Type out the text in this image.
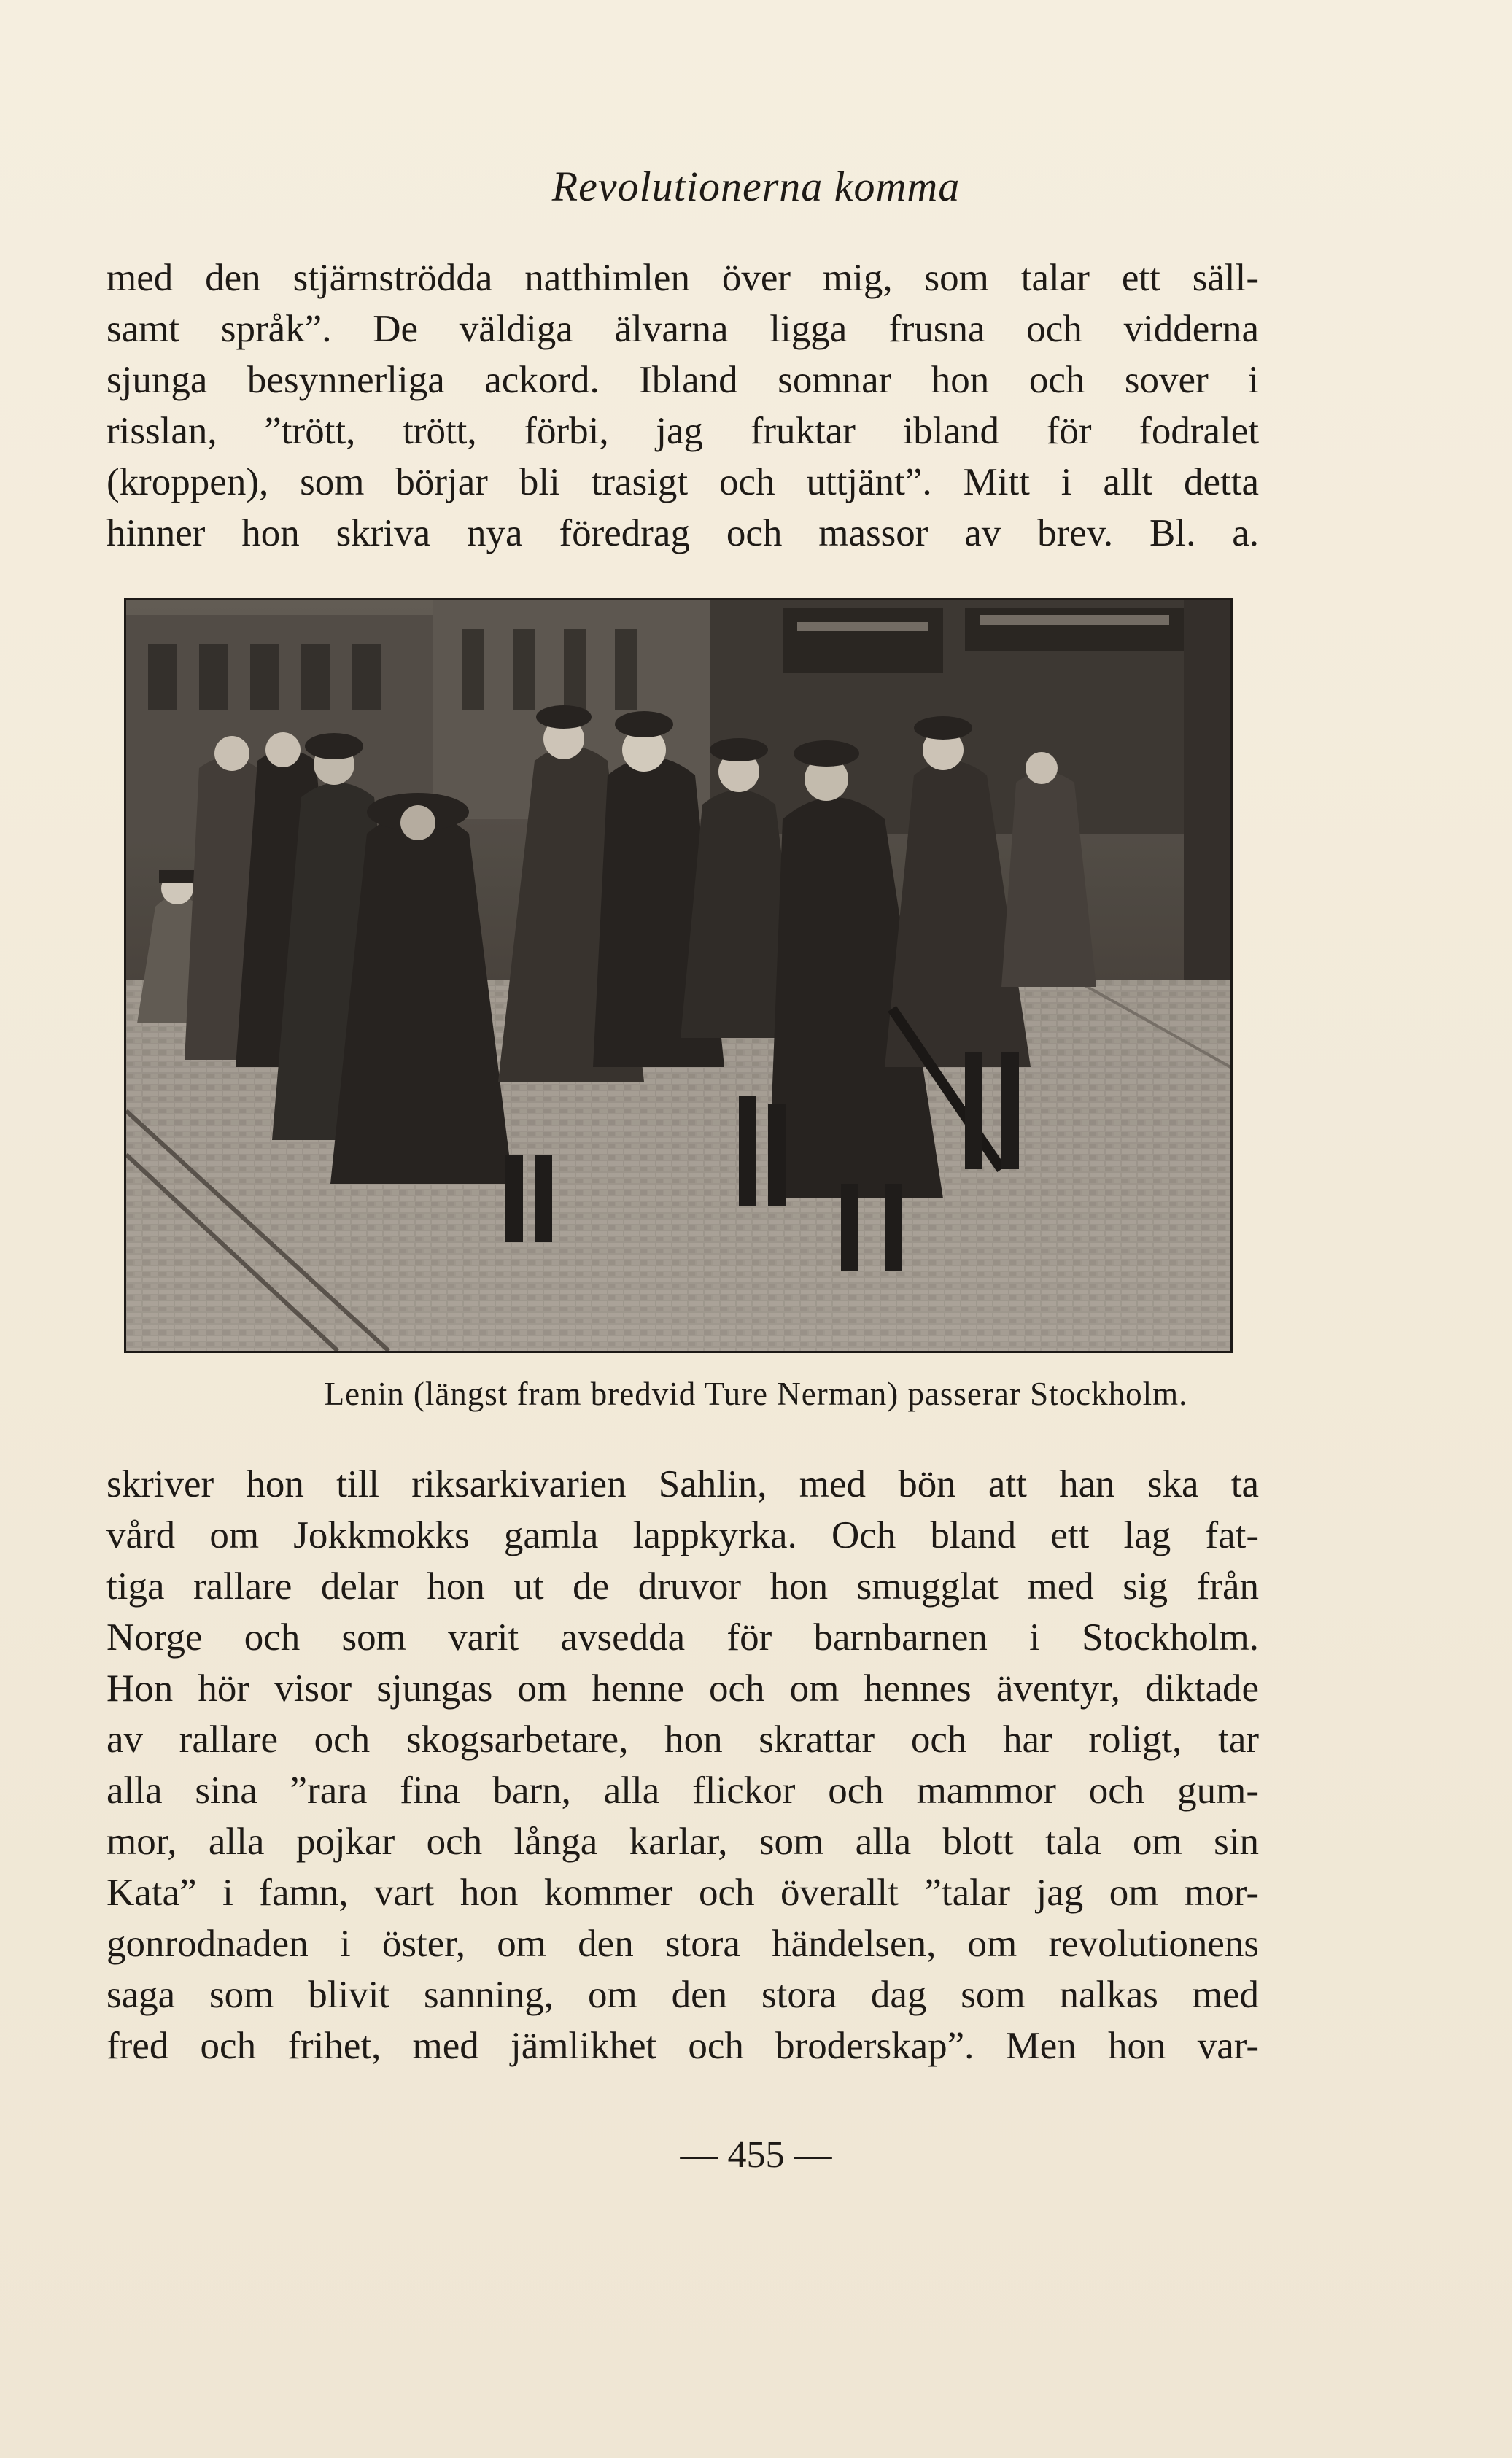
Revolutionerna komma
med den stjärnströdda natthimlen över mig, som talar ett säll-
samt språk”. De väldiga älvarna ligga frusna och vidderna
sjunga besynnerliga ackord. Ibland somnar hon och sover i
risslan, ”trött, trött, förbi, jag fruktar ibland för fodralet
(kroppen), som börjar bli trasigt och uttjänt”. Mitt i allt detta
hinner hon skriva nya föredrag och massor av brev. Bl. a.
Lenin (längst fram bredvid Ture Nerman) passerar Stockholm.
skriver hon till riksarkivarien Sahlin, med bön att han ska ta
vård om Jokkmokks gamla lappkyrka. Och bland ett lag fat-
tiga rallare delar hon ut de druvor hon smugglat med sig från
Norge och som varit avsedda för barnbarnen i Stockholm.
Hon hör visor sjungas om henne och om hennes äventyr, diktade
av rallare och skogsarbetare, hon skrattar och har roligt, tar
alla sina ”rara fina barn, alla flickor och mammor och gum-
mor, alla pojkar och långa karlar, som alla blott tala om sin
Kata” i famn, vart hon kommer och överallt ”talar jag om mor-
gonrodnaden i öster, om den stora händelsen, om revolutionens
saga som blivit sanning, om den stora dag som nalkas med
fred och frihet, med jämlikhet och broderskap”. Men hon var-
— 455 —
